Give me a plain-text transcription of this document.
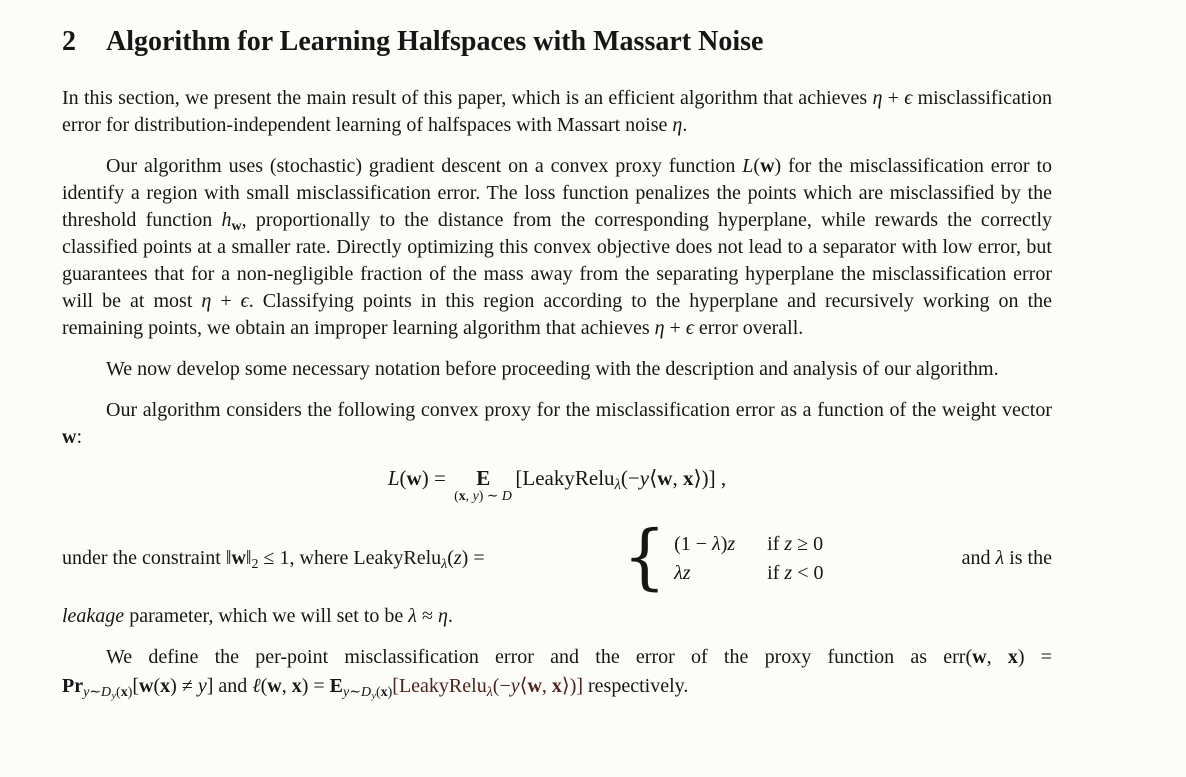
2 Algorithm for Learning Halfspaces with Massart Noise

In this section, we present the main result of this paper, which is an efficient algorithm that achieves η + ϵ misclassification error for distribution-independent learning of halfspaces with Massart noise η.

Our algorithm uses (stochastic) gradient descent on a convex proxy function L(w) for the misclassification error to identify a region with small misclassification error. The loss function penalizes the points which are misclassified by the threshold function hw, proportionally to the distance from the corresponding hyperplane, while rewards the correctly classified points at a smaller rate. Directly optimizing this convex objective does not lead to a separator with low error, but guarantees that for a non-negligible fraction of the mass away from the separating hyperplane the misclassification error will be at most η + ϵ. Classifying points in this region according to the hyperplane and recursively working on the remaining points, we obtain an improper learning algorithm that achieves η + ϵ error overall.

We now develop some necessary notation before proceeding with the description and analysis of our algorithm.

Our algorithm considers the following convex proxy for the misclassification error as a function of the weight vector w:

L(w) = E
(x, y) ∼ D
[LeakyReluλ(−y⟨w, x⟩)] ,
under the constraint ‖w‖2 ≤ 1, where LeakyReluλ(z) = { (1 − λ)z if z ≥ 0
λz	if z < 0
and λ is the

leakage parameter, which we will set to be λ ≈ η.

We define the per-point misclassification error and the error of the proxy function as err(w, x) =

Pry∼Dy(x)[w(x) ≠ y] and ℓ(w, x) = Ey∼Dy(x)[LeakyReluλ(−y⟨w, x⟩)] respectively.
